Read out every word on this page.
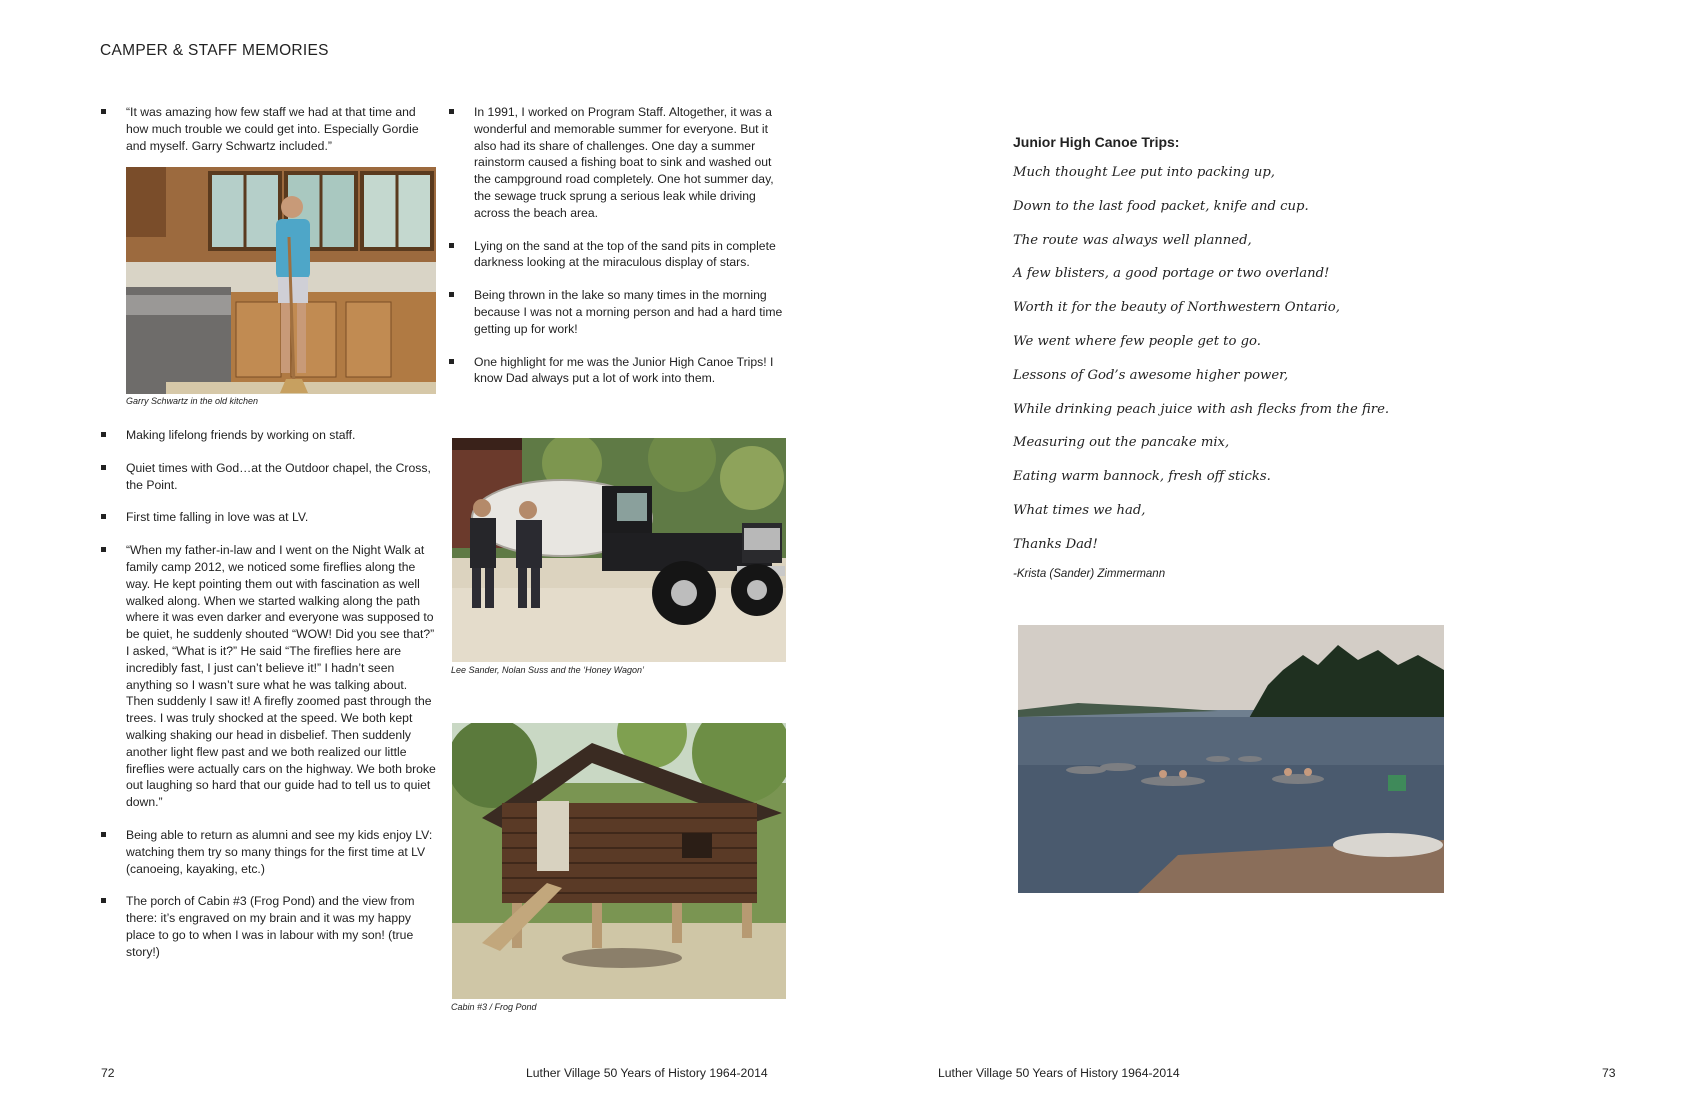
CAMPER & STAFF MEMORIES
“It was amazing how few staff we had at that time and how much trouble we could get into. Especially Gordie and myself. Garry Schwartz included.”
Garry Schwartz in the old kitchen
Making lifelong friends by working on staff.
Quiet times with God…at the Outdoor chapel, the Cross, the Point.
First time falling in love was at LV.
“When my father-in-law and I went on the Night Walk at family camp 2012, we noticed some fireflies along the way. He kept pointing them out with fascination as well walked along. When we started walking along the path where it was even darker and everyone was supposed to be quiet, he suddenly shouted “WOW! Did you see that?” I asked, “What is it?” He said “The fireflies here are incredibly fast, I just can’t believe it!” I hadn’t seen anything so I wasn’t sure what he was talking about. Then suddenly I saw it! A firefly zoomed past through the trees. I was truly shocked at the speed. We both kept walking shaking our head in disbelief. Then suddenly another light flew past and we both realized our little fireflies were actually cars on the highway. We both broke out laughing so hard that our guide had to tell us to quiet down.”
Being able to return as alumni and see my kids enjoy LV: watching them try so many things for the first time at LV (canoeing, kayaking, etc.)
The porch of Cabin #3 (Frog Pond) and the view from there: it’s engraved on my brain and it was my happy place to go to when I was in labour with my son! (true story!)
In 1991, I worked on Program Staff. Altogether, it was a wonderful and memorable summer for everyone. But it also had its share of challenges. One day a summer rainstorm caused a fishing boat to sink and washed out the campground road completely. One hot summer day, the sewage truck sprung a serious leak while driving across the beach area.
Lying on the sand at the top of the sand pits in complete darkness looking at the miraculous display of stars.
Being thrown in the lake so many times in the morning because I was not a morning person and had a hard time getting up for work!
One highlight for me was the Junior High Canoe Trips! I know Dad always put a lot of work into them.
Lee Sander, Nolan Suss and the ‘Honey Wagon’
Cabin #3 / Frog Pond
Junior High Canoe Trips:
Much thought Lee put into packing up,
Down to the last food packet, knife and cup.
The route was always well planned,
A few blisters, a good portage or two overland!
Worth it for the beauty of Northwestern Ontario,
We went where few people get to go.
Lessons of God’s awesome higher power,
While drinking peach juice with ash flecks from the fire.
Measuring out the pancake mix,
Eating warm bannock, fresh off sticks.
What times we had,
Thanks Dad!
-Krista (Sander) Zimmermann
72	Luther Village 50 Years of History 1964-2014	Luther Village 50 Years of History 1964-2014	73
